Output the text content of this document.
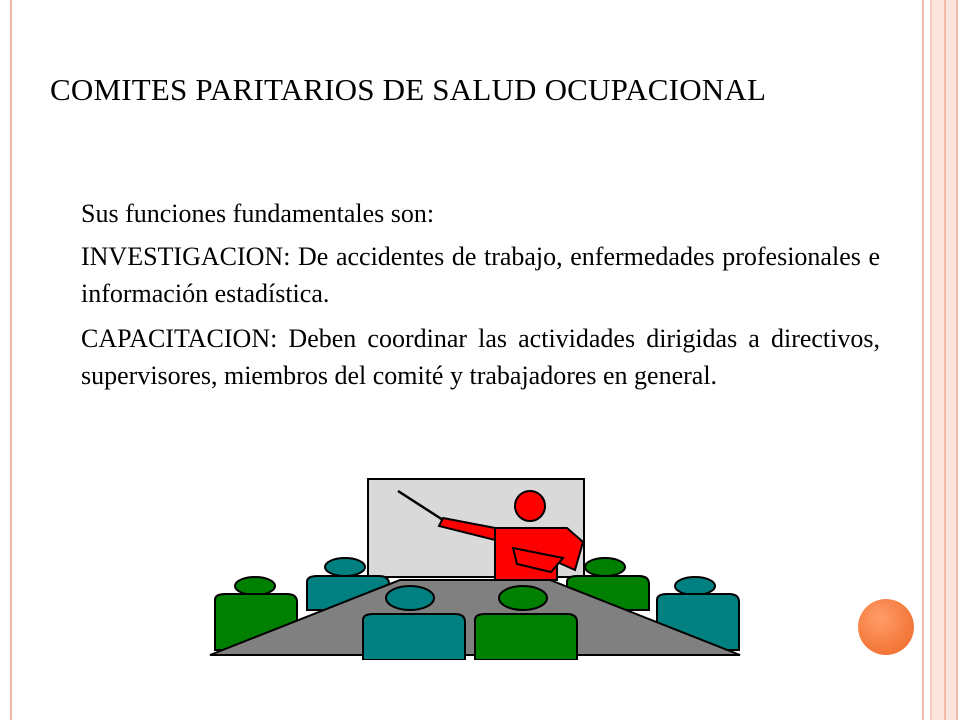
COMITES PARITARIOS DE SALUD OCUPACIONAL

Sus funciones fundamentales son:

INVESTIGACION: De accidentes de trabajo, enfermedades profesionales e información estadística.

CAPACITACION: Deben coordinar las actividades dirigidas a directivos, supervisores, miembros del comité y trabajadores en general.
